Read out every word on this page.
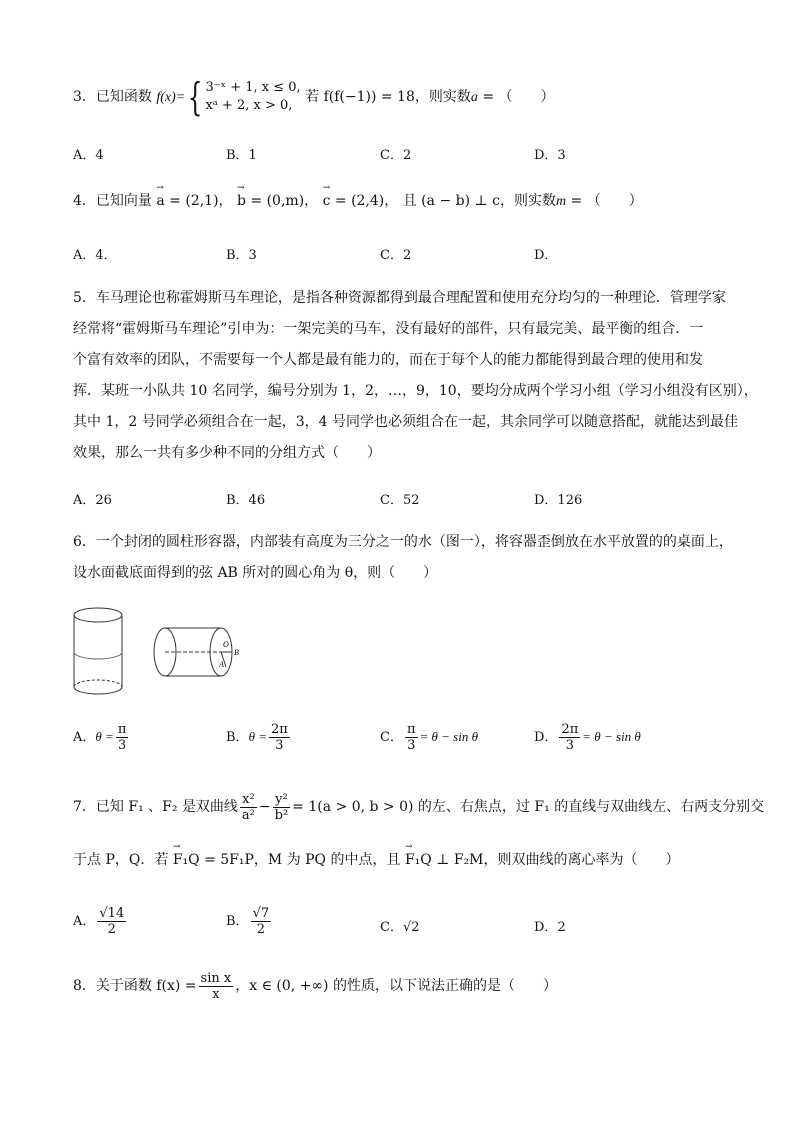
3．已知函数 f(x)={ 3⁻ˣ + 1, x ≤ 0,
xᵃ + 2, x > 0,
若 f(f(−1)) = 18，则实数a = （　　）
A．4	B．1	C．2	D．3
4．已知向量 → a = (2,1)， → b = (0,m)， → c = (2,4)， 且 (a − b) ⊥ c，则实数m = （　　）
A．4．	B．3	C．2	D．
5．车马理论也称霍姆斯马车理论，是指各种资源都得到最合理配置和使用充分均匀的一种理论．管理学家
经常将“霍姆斯马车理论”引申为：一架完美的马车，没有最好的部件，只有最完美、最平衡的组合．一
个富有效率的团队，不需要每一个人都是最有能力的，而在于每个人的能力都能得到最合理的使用和发
挥．某班一小队共 10 名同学，编号分别为 1，2，…，9，10，要均分成两个学习小组（学习小组没有区别），
其中 1，2 号同学必须组合在一起，3，4 号同学也必须组合在一起，其余同学可以随意搭配，就能达到最佳
效果，那么一共有多少种不同的分组方式（　　）
A．26	B．46	C．52	D．126
6．一个封闭的圆柱形容器，内部装有高度为三分之一的水（图一），将容器歪倒放在水平放置的的桌面上，
设水面截底面得到的弦 AB 所对的圆心角为 θ，则（　　）
O
A
B
A．$\theta = \frac{\pi}{3}$	B．$\theta = \frac{2\pi}{3}$	C． $\frac{\pi}{3} = \theta - \sin \theta$	D． $\frac{2\pi}{3} = \theta - \sin \theta$
7．已知 F₁ 、F₂ 是双曲线 $\frac{\text{x²}}{\text{a²}} - \frac{\text{y²}}{\text{b²}} = 1(a > 0$, b > 0) 的左、右焦点，过 F₁ 的直线与双曲线左、右两支分别交
于点 P，Q．若 → F₁Q = 5F₁P，M 为 PQ 的中点，且 → F₁Q ⊥ F₂M，则双曲线的离心率为（　　）
A． $\frac{√14}{2}$	B． $\frac{√7}{2}$	C．√2	D．2
8．关于函数 $f(x) = \frac{\text{sin x}}{x}$ ，x ∈ (0, +∞) 的性质，以下说法正确的是（　　）
